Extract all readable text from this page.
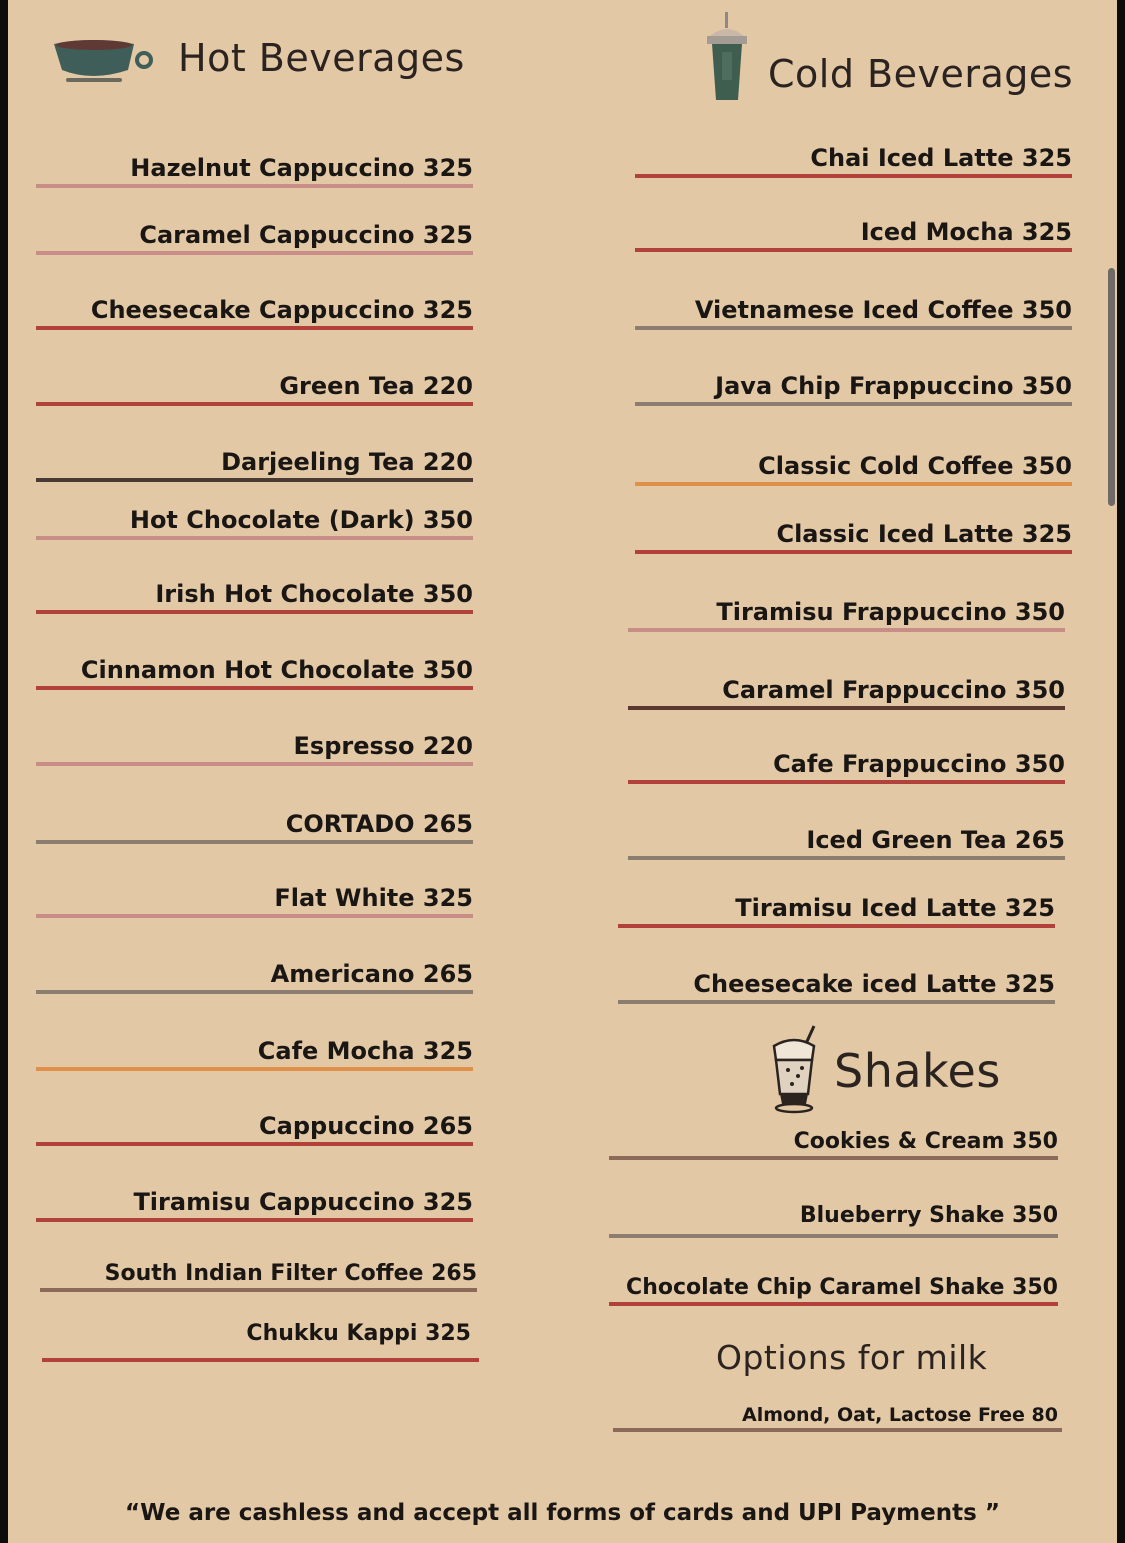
Hot Beverages	Cold Beverages
Shakes
Hazelnut Cappuccino 325
Caramel Cappuccino 325
Cheesecake Cappuccino 325
Green Tea 220
Darjeeling Tea 220
Hot Chocolate (Dark) 350
Irish Hot Chocolate 350
Cinnamon Hot Chocolate 350
Espresso 220
CORTADO 265
Flat White 325
Americano 265
Cafe Mocha 325
Cappuccino 265
Tiramisu Cappuccino 325
South Indian Filter Coffee 265
Chukku Kappi 325
Chai Iced Latte 325
Iced Mocha 325
Vietnamese Iced Coffee 350
Java Chip Frappuccino 350
Classic Cold Coffee 350
Classic Iced Latte 325
Tiramisu Frappuccino 350
Caramel Frappuccino 350
Cafe Frappuccino 350
Iced Green Tea 265
Tiramisu Iced Latte 325
Cheesecake iced Latte 325
Cookies & Cream 350
Blueberry Shake 350
Chocolate Chip Caramel Shake 350
Options for milk
Almond, Oat, Lactose Free 80
“We are cashless and accept all forms of cards and UPI Payments ”
